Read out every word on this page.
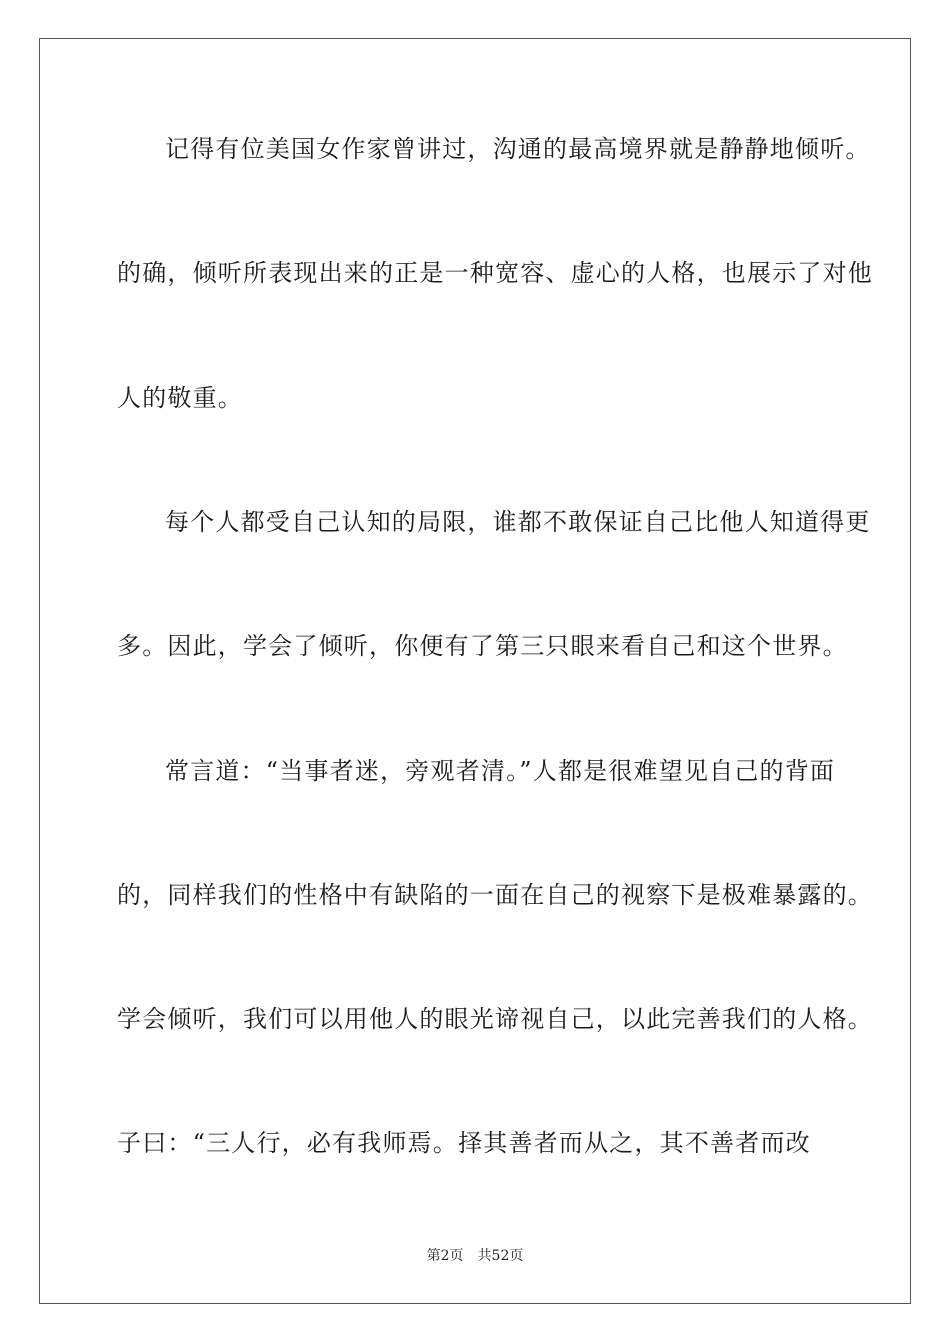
记得有位美国女作家曾讲过，沟通的最高境界就是静静地倾听。
的确，倾听所表现出来的正是一种宽容、虚心的人格，也展示了对他
人的敬重。
每个人都受自己认知的局限，谁都不敢保证自己比他人知道得更
多。因此，学会了倾听，你便有了第三只眼来看自己和这个世界。
常言道：“当事者迷，旁观者清。”人都是很难望见自己的背面
的，同样我们的性格中有缺陷的一面在自己的视察下是极难暴露的。
学会倾听，我们可以用他人的眼光谛视自己，以此完善我们的人格。
子曰：“三人行，必有我师焉。择其善者而从之，其不善者而改
第2页 共52页
